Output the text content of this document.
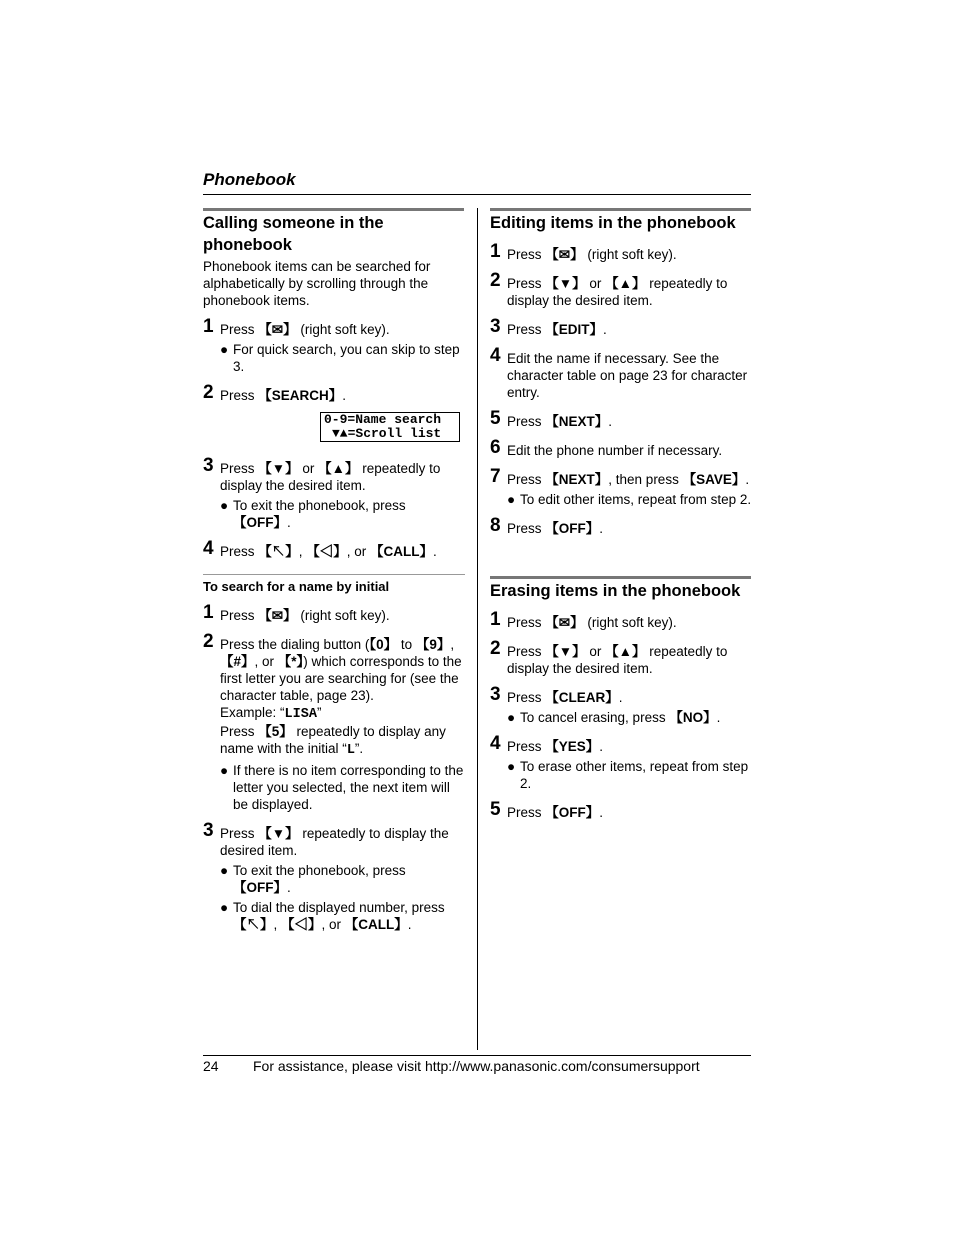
Phonebook
Calling someone in the phonebook
Phonebook items can be searched for alphabetically by scrolling through the phonebook items.
1 Press 【✉】 (right soft key).
● For quick search, you can skip to step 3.
2 Press 【SEARCH】.
0-9=Name search
▼▲=Scroll list
3 Press 【▼】 or 【▲】 repeatedly to display the desired item.
● To exit the phonebook, press 【OFF】.
4 Press 【↖】, 【◁】, or 【CALL】.
To search for a name by initial
1 Press 【✉】 (right soft key).
2 Press the dialing button (【0】 to 【9】, 【#】, or 【*】) which corresponds to the first letter you are searching for (see the character table, page 23).
Example: “LISA”
Press 【5】 repeatedly to display any name with the initial “L”.
● If there is no item corresponding to the letter you selected, the next item will be displayed.
3 Press 【▼】 repeatedly to display the desired item.
● To exit the phonebook, press 【OFF】.
● To dial the displayed number, press 【↖】, 【◁】, or 【CALL】.
Editing items in the phonebook
1 Press 【✉】 (right soft key).
2 Press 【▼】 or 【▲】 repeatedly to display the desired item.
3 Press 【EDIT】.
4 Edit the name if necessary. See the character table on page 23 for character entry.
5 Press 【NEXT】.
6 Edit the phone number if necessary.
7 Press 【NEXT】, then press 【SAVE】.
● To edit other items, repeat from step 2.
8 Press 【OFF】.
Erasing items in the phonebook
1 Press 【✉】 (right soft key).
2 Press 【▼】 or 【▲】 repeatedly to display the desired item.
3 Press 【CLEAR】.
● To cancel erasing, press 【NO】.
4 Press 【YES】.
● To erase other items, repeat from step 2.
5 Press 【OFF】.
24 For assistance, please visit http://www.panasonic.com/consumersupport
